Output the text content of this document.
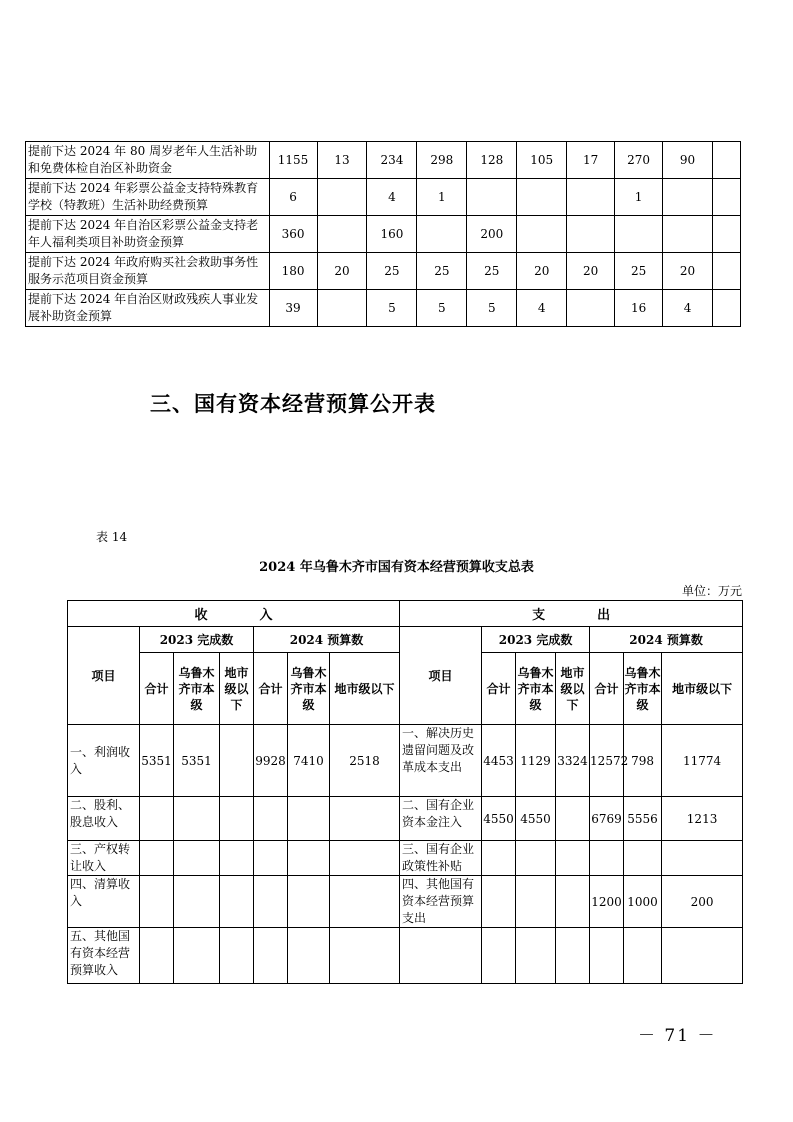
提前下达 2024 年 80 周岁老年人生活补助和免费体检自治区补助资金	1155	13	234	298	128	105	17	270	90	
提前下达 2024 年彩票公益金支持特殊教育学校（特教班）生活补助经费预算	6		4	1				1		
提前下达 2024 年自治区彩票公益金支持老年人福利类项目补助资金预算	360		160		200					
提前下达 2024 年政府购买社会救助事务性服务示范项目资金预算	180	20	25	25	25	20	20	25	20	
提前下达 2024 年自治区财政残疾人事业发展补助资金预算	39		5	5	5	4		16	4	
三、国有资本经营预算公开表
表 14
2024 年乌鲁木齐市国有资本经营预算收支总表
单位：万元
收　　　　入							支　　　　出						
项目	2023 完成数			2024 预算数			项目	2023 完成数			2024 预算数		
	合计	乌鲁木齐市本级	地市级以下	合计	乌鲁木齐市本级	地市级以下		合计	乌鲁木齐市本级	地市级以下	合计	乌鲁木齐市本级	地市级以下
一、利润收入	5351	5351		9928	7410	2518	一、解决历史遗留问题及改革成本支出	4453	1129	3324	12572	798	11774
二、股利、股息收入							二、国有企业资本金注入	4550	4550		6769	5556	1213
三、产权转让收入							三、国有企业政策性补贴						
四、清算收入							四、其他国有资本经营预算支出				1200	1000	200
五、其他国有资本经营预算收入													
－ 71 －
